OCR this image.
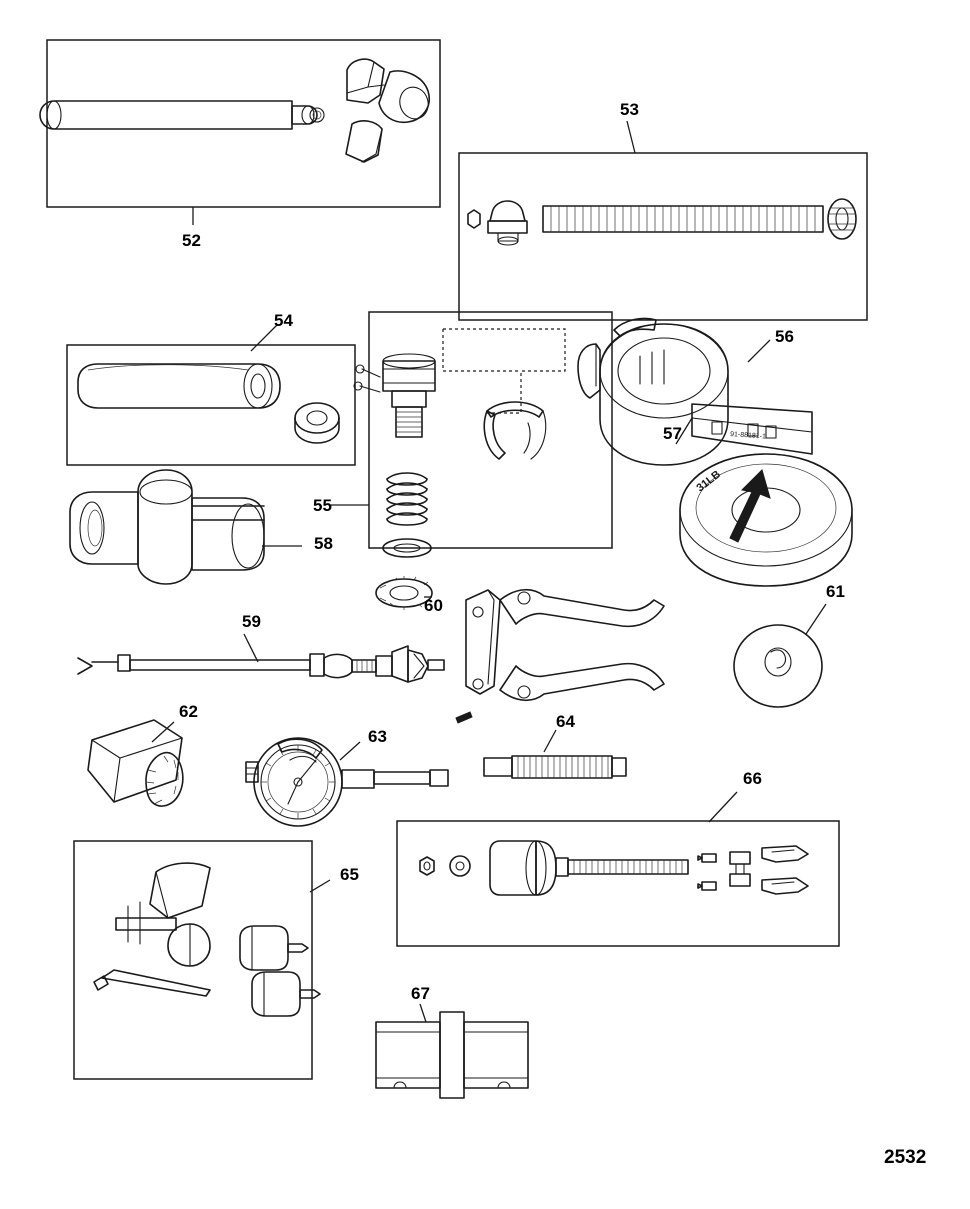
91-88181-1
31LB
52
53
54
55
56
57
58
59
60
61
62
63
64
65
66
67
2532
